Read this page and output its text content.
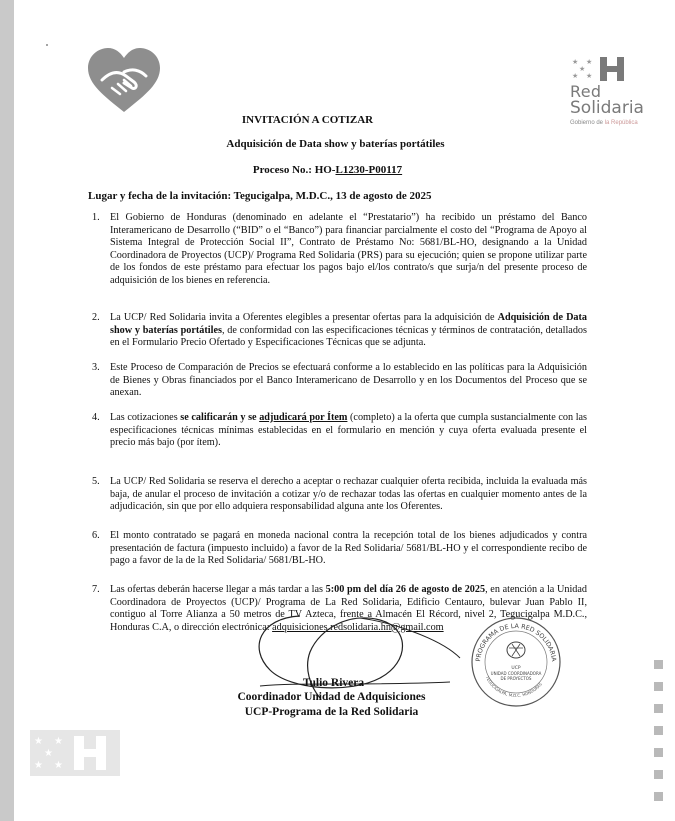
★ ★
★
★ ★
Red
Solidaria
Gobierno de la República
INVITACIÓN A COTIZAR
Adquisición de Data show y baterías portátiles
Proceso No.: HO-L1230-P00117
Lugar y fecha de la invitación: Tegucigalpa, M.D.C., 13 de agosto de 2025
1. El Gobierno de Honduras (denominado en adelante el “Prestatario”) ha recibido un préstamo del Banco Interamericano de Desarrollo (“BID” o el “Banco”) para financiar parcialmente el costo del “Programa de Apoyo al Sistema Integral de Protección Social II”, Contrato de Préstamo No: 5681/BL-HO, designando a la Unidad Coordinadora de Proyectos (UCP)/ Programa Red Solidaria (PRS) para su ejecución; quien se propone utilizar parte de los fondos de este préstamo para efectuar los pagos bajo el/los contrato/s que surja/n del presente proceso de adquisición de los bienes en referencia.
2. La UCP/ Red Solidaria invita a Oferentes elegibles a presentar ofertas para la adquisición de Adquisición de Data show y baterías portátiles, de conformidad con las especificaciones técnicas y términos de contratación, detallados en el Formulario Precio Ofertado y Especificaciones Técnicas que se adjunta.
3. Este Proceso de Comparación de Precios se efectuará conforme a lo establecido en las políticas para la Adquisición de Bienes y Obras financiados por el Banco Interamericano de Desarrollo y en los Documentos del Proceso que se anexan.
4. Las cotizaciones se calificarán y se adjudicará por Ítem (completo) a la oferta que cumpla sustancialmente con las especificaciones técnicas mínimas establecidas en el formulario en mención y cuya oferta evaluada presente el precio más bajo (por ítem).
5. La UCP/ Red Solidaria se reserva el derecho a aceptar o rechazar cualquier oferta recibida, incluida la evaluada más baja, de anular el proceso de invitación a cotizar y/o de rechazar todas las ofertas en cualquier momento antes de la adjudicación, sin que por ello adquiera responsabilidad alguna ante los Oferentes.
6. El monto contratado se pagará en moneda nacional contra la recepción total de los bienes adjudicados y contra presentación de factura (impuesto incluido) a favor de la Red Solidaria/ 5681/BL-HO y el correspondiente recibo de pago a favor de la de la Red Solidaria/ 5681/BL-HO.
7. Las ofertas deberán hacerse llegar a más tardar a las 5:00 pm del día 26 de agosto de 2025, en atención a la Unidad Coordinadora de Proyectos (UCP)/ Programa de La Red Solidaria, Edificio Centauro, bulevar Juan Pablo II, contiguo al Torre Alianza a 50 metros de TV Azteca, frente a Almacén El Récord, nivel 2, Tegucigalpa M.D.C., Honduras C.A, o dirección electrónica: adquisiciones.redsolidaria.hn@gmail.com
PROGRAMA DE LA RED SOLIDARIA
TEGUCIGALPA, M.D.C. HONDURAS
UCP
UNIDAD COORDINADORA
DE PROYECTOS
Tulio Rivera
Coordinador Unidad de Adquisiciones
UCP-Programa de la Red Solidaria
★ ★
★
★ ★
